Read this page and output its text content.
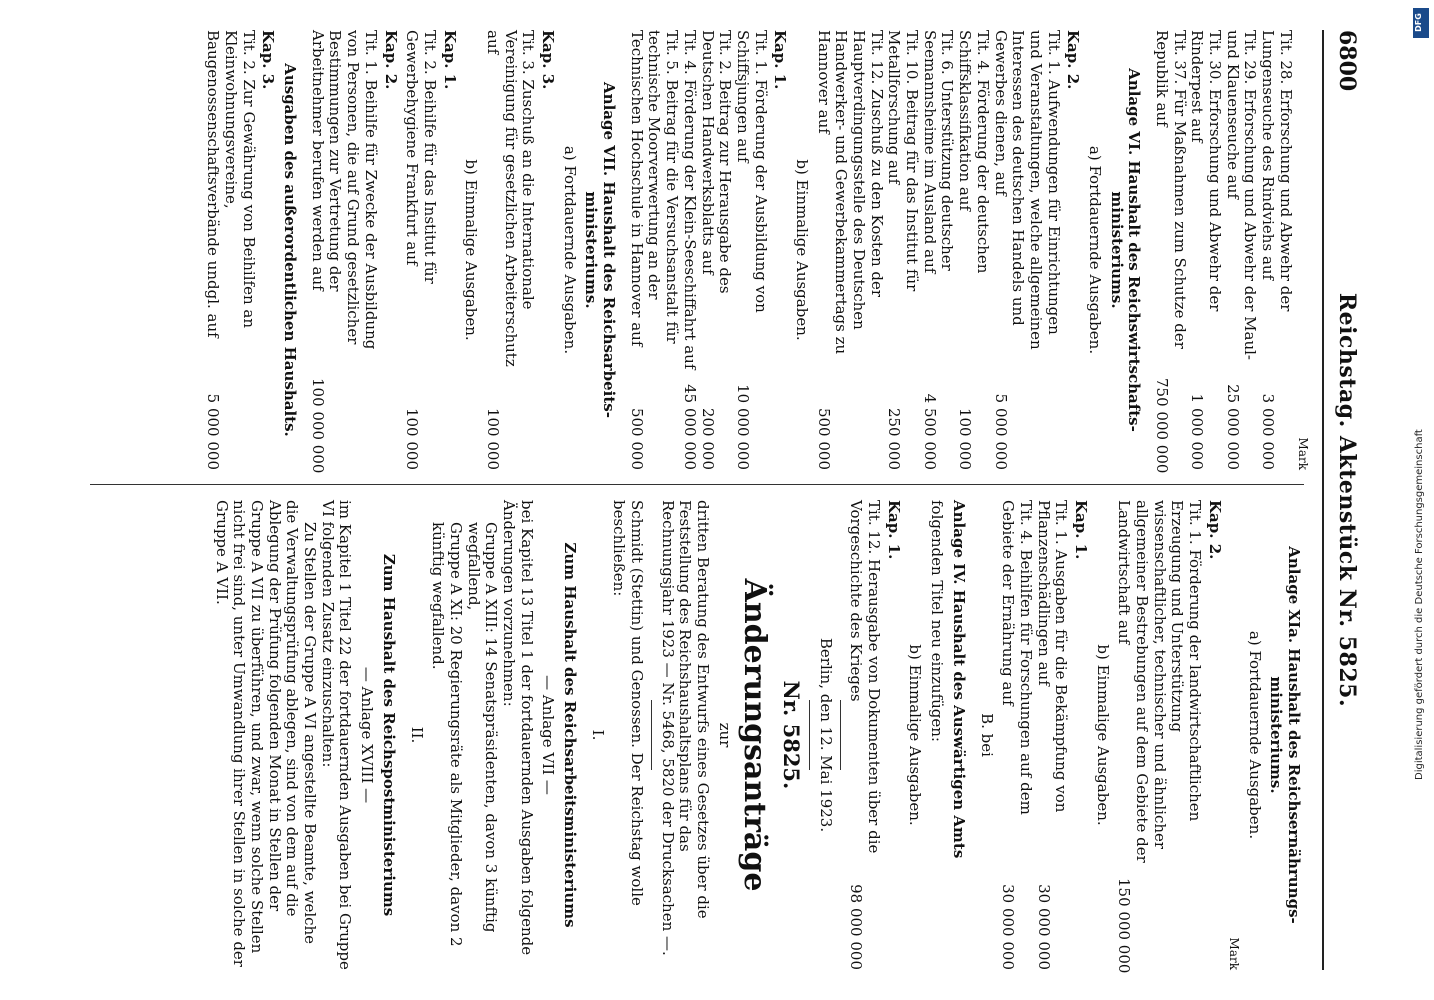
6800
Reichstag. Aktenstück Nr. 5825.
Mark
Tit. 28. Erforschung und Abwehr der Lungenseuche des Rindviehs auf
3 000 000
Tit. 29. Erforschung und Abwehr der Maul- und Klauenseuche auf
25 000 000
Tit. 30. Erforschung und Abwehr der Rinderpest auf
1 000 000
Tit. 37. Für Maßnahmen zum Schutze der Republik auf
750 000 000
Anlage VI. Haushalt des Reichswirtschafts-ministeriums.
a) Fortdauernde Ausgaben.
Kap. 2.
Tit. 1. Aufwendungen für Einrichtungen und Veranstaltungen, welche allgemeinen Interessen des deutschen Handels und Gewerbes dienen, auf
5 000 000
Tit. 4. Förderung der deutschen Schiffsklassifikation auf
100 000
Tit. 6. Unterstützung deutscher Seemannsheime im Ausland auf
4 500 000
Tit. 10. Beitrag für das Institut für Metallforschung auf
250 000
Tit. 12. Zuschuß zu den Kosten der Hauptverdingungsstelle des Deutschen Handwerker- und Gewerbekammertags zu Hannover auf
500 000
b) Einmalige Ausgaben.
Kap. 1.
Tit. 1. Förderung der Ausbildung von Schiffsjungen auf
10 000 000
Tit. 2. Beitrag zur Herausgabe des Deutschen Handwerksblatts auf
200 000
Tit. 4. Förderung der Klein-Seeschiffahrt auf
45 000 000
Tit. 5. Beitrag für die Versuchsanstalt für technische Moorverwertung an der Technischen Hochschule in Hannover auf
500 000
Anlage VII. Haushalt des Reichsarbeits-ministeriums.
a) Fortdauernde Ausgaben.
Kap. 3.
Tit. 3. Zuschuß an die Internationale Vereinigung für gesetzlichen Arbeiterschutz auf
100 000
b) Einmalige Ausgaben.
Kap. 1.
Tit. 2. Beihilfe für das Institut für Gewerbehygiene Frankfurt auf
100 000
Kap. 2.
Tit. 1. Beihilfe für Zwecke der Ausbildung von Personen, die auf Grund gesetzlicher Bestimmungen zur Vertretung der Arbeitnehmer berufen werden auf
100 000 000
Ausgaben des außerordentlichen Haushalts.
Kap. 3.
Tit. 2. Zur Gewährung von Beihilfen an Kleinwohnungsvereine, Baugenossenschaftsverbände undgl. auf
5 000 000
Anlage XIa. Haushalt des Reichsernährungs-ministeriums.
a) Fortdauernde Ausgaben.
Mark
Kap. 2.
Tit. 1. Förderung der landwirtschaftlichen Erzeugung und Unterstützung wissenschaftlicher, technischer und ähnlicher allgemeiner Bestrebungen auf dem Gebiete der Landwirtschaft auf
150 000 000
b) Einmalige Ausgaben.
Kap. 1.
Tit. 1. Ausgaben für die Bekämpfung von Pflanzenschädlingen auf
30 000 000
Tit. 4. Beihilfen für Forschungen auf dem Gebiete der Ernährung auf
30 000 000
B. bei
Anlage IV. Haushalt des Auswärtigen Amts
folgenden Titel neu einzufügen:
b) Einmalige Ausgaben.
Kap. 1.
Tit. 12. Herausgabe von Dokumenten über die Vorgeschichte des Krieges
98 000 000
Berlin, den 12. Mai 1923.
Nr. 5825.
Änderungsanträge
zur
dritten Beratung des Entwurfs eines Gesetzes über die Feststellung des Reichshaushaltsplans für das Rechnungsjahr 1923 — Nr. 5468, 5820 der Drucksachen —.
Schmidt (Stettin) und Genossen. Der Reichstag wolle beschließen:
I.
Zum Haushalt des Reichsarbeitsministeriums
— Anlage VII —
bei Kapitel 13 Titel 1 der fortdauernden Ausgaben folgende Änderungen vorzunehmen:
Gruppe A XIII: 14 Senatspräsidenten, davon 3 künftig wegfallend,
Gruppe A XI: 20 Regierungsräte als Mitglieder, davon 2 künftig wegfallend.
II.
Zum Haushalt des Reichspostministeriums
— Anlage XVIII —
im Kapitel 1 Titel 22 der fortdauernden Ausgaben bei Gruppe VI folgenden Zusatz einzuschalten:
Zu Stellen der Gruppe A VI angestellte Beamte, welche die Verwaltungsprüfung ablegen, sind von dem auf die Ablegung der Prüfung folgenden Monat in Stellen der Gruppe A VII zu überführen, und zwar, wenn solche Stellen nicht frei sind, unter Umwandlung ihrer Stellen in solche der Gruppe A VII.
DFG
Digitalisierung gefördert durch die Deutsche Forschungsgemeinschaft
